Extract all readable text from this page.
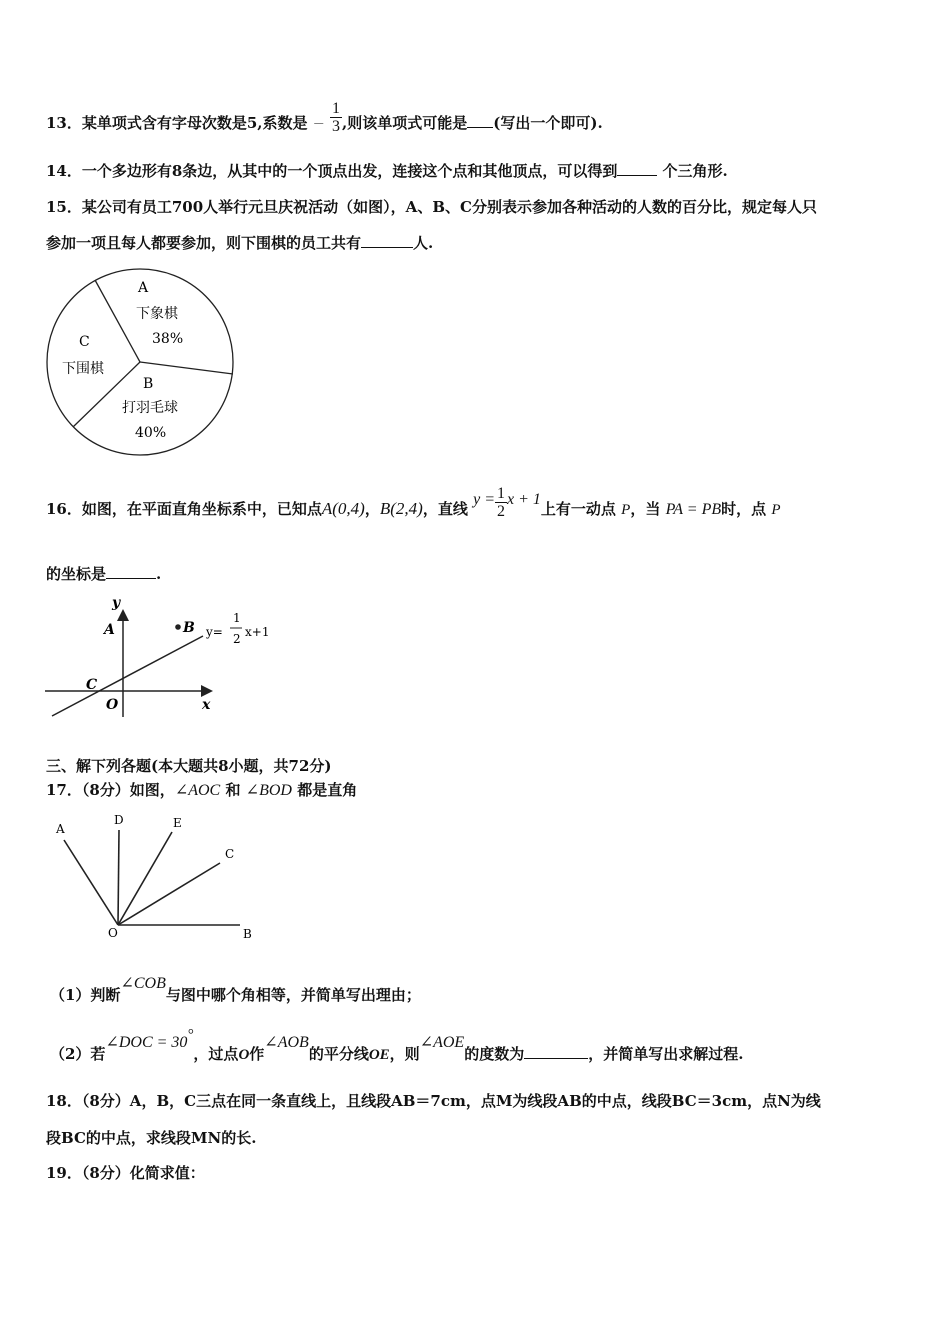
13．某单项式含有字母次数是5,系数是 － $\frac{1}{3}$ ,则该单项式可能是 (写出一个即可).
14．一个多边形有8条边，从其中的一个顶点出发，连接这个点和其他顶点，可以得到	个三角形.
15．某公司有员工700人举行元旦庆祝活动（如图），A、B、C分别表示参加各种活动的人数的百分比，规定每人只
参加一项且每人都要参加，则下围棋的员工共有	人.
A
下象棋
38%
C
下围棋
B
打羽毛球
40%
16．如图，在平面直角坐标系中，已知点A(0,4)，B(2,4)，直线 $y = \frac{1}{2}$ x + 1上有一动点 P，当 PA = PB时，点 P
的坐标是	.
y
x
A	B
C
O
y=
1
2 x+1
三、解下列各题(本大题共8小题，共72分)
17．（8分）如图，∠AOC 和 ∠BOD 都是直角
A
D	E
C
O	B
（1）判断∠COB与图中哪个角相等，并简单写出理由；
（2）若∠DOC = 30°，过点O作∠AOB的平分线OE，则∠AOE的度数为	，并简单写出求解过程.
18．（8分）A，B，C三点在同一条直线上，且线段AB＝7cm，点M为线段AB的中点，线段BC＝3cm，点N为线
段BC的中点，求线段MN的长.
19．（8分）化简求值：
